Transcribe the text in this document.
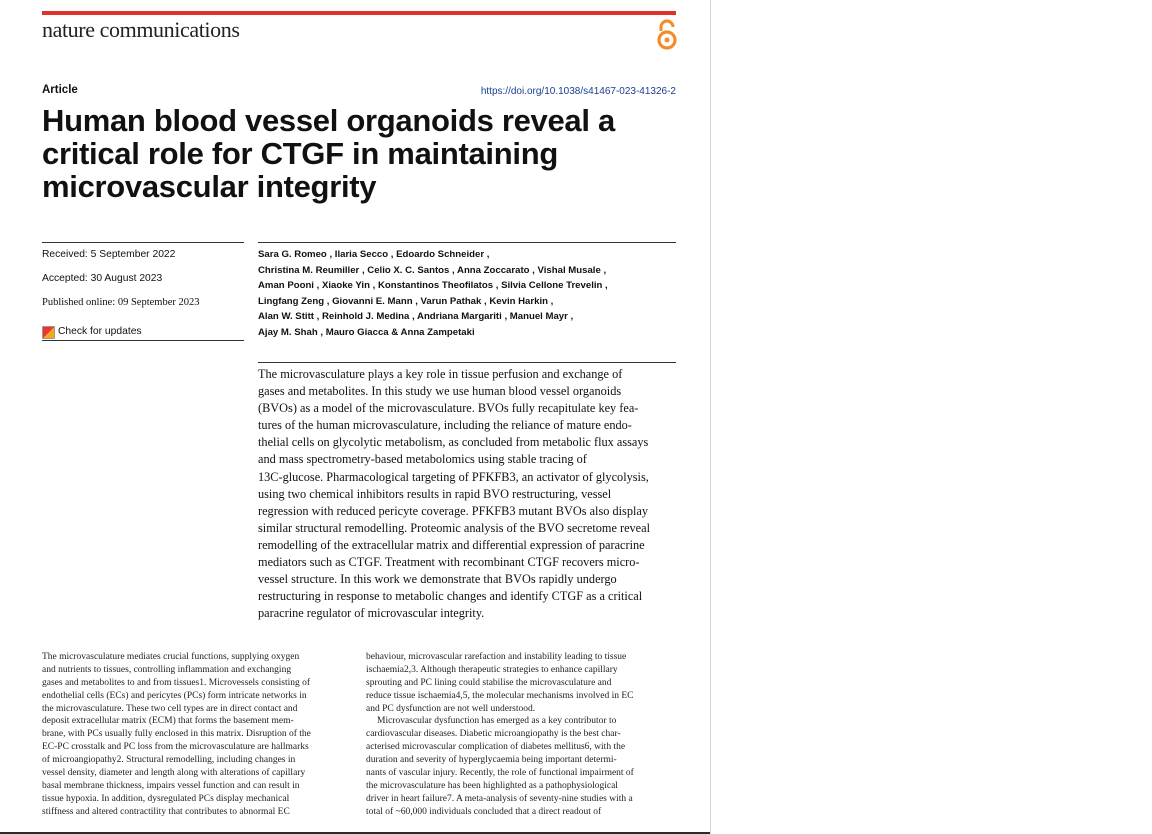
nature communications
Article	https://doi.org/10.1038/s41467-023-41326-2
Human blood vessel organoids reveal a
critical role for CTGF in maintaining
microvascular integrity
Received: 5 September 2022
Accepted: 30 August 2023
Published online: 09 September 2023
Check for updates
Sara G. Romeo , Ilaria Secco , Edoardo Schneider ,
Christina M. Reumiller , Celio X. C. Santos , Anna Zoccarato , Vishal Musale ,
Aman Pooni , Xiaoke Yin , Konstantinos Theofilatos , Silvia Cellone Trevelin ,
Lingfang Zeng , Giovanni E. Mann , Varun Pathak , Kevin Harkin ,
Alan W. Stitt , Reinhold J. Medina , Andriana Margariti , Manuel Mayr ,
Ajay M. Shah , Mauro Giacca & Anna Zampetaki
The microvasculature plays a key role in tissue perfusion and exchange of
gases and metabolites. In this study we use human blood vessel organoids
(BVOs) as a model of the microvasculature. BVOs fully recapitulate key fea-
tures of the human microvasculature, including the reliance of mature endo-
thelial cells on glycolytic metabolism, as concluded from metabolic flux assays
and mass spectrometry-based metabolomics using stable tracing of
13C-glucose. Pharmacological targeting of PFKFB3, an activator of glycolysis,
using two chemical inhibitors results in rapid BVO restructuring, vessel
regression with reduced pericyte coverage. PFKFB3 mutant BVOs also display
similar structural remodelling. Proteomic analysis of the BVO secretome reveal
remodelling of the extracellular matrix and differential expression of paracrine
mediators such as CTGF. Treatment with recombinant CTGF recovers micro-
vessel structure. In this work we demonstrate that BVOs rapidly undergo
restructuring in response to metabolic changes and identify CTGF as a critical
paracrine regulator of microvascular integrity.
The microvasculature mediates crucial functions, supplying oxygen
and nutrients to tissues, controlling inflammation and exchanging
gases and metabolites to and from tissues1. Microvessels consisting of
endothelial cells (ECs) and pericytes (PCs) form intricate networks in
the microvasculature. These two cell types are in direct contact and
deposit extracellular matrix (ECM) that forms the basement mem-
brane, with PCs usually fully enclosed in this matrix. Disruption of the
EC-PC crosstalk and PC loss from the microvasculature are hallmarks
of microangiopathy2. Structural remodelling, including changes in
vessel density, diameter and length along with alterations of capillary
basal membrane thickness, impairs vessel function and can result in
tissue hypoxia. In addition, dysregulated PCs display mechanical
stiffness and altered contractility that contributes to abnormal EC
behaviour, microvascular rarefaction and instability leading to tissue
ischaemia2,3. Although therapeutic strategies to enhance capillary
sprouting and PC lining could stabilise the microvasculature and
reduce tissue ischaemia4,5, the molecular mechanisms involved in EC
and PC dysfunction are not well understood.
Microvascular dysfunction has emerged as a key contributor to
cardiovascular diseases. Diabetic microangiopathy is the best char-
acterised microvascular complication of diabetes mellitus6, with the
duration and severity of hyperglycaemia being important determi-
nants of vascular injury. Recently, the role of functional impairment of
the microvasculature has been highlighted as a pathophysiological
driver in heart failure7. A meta-analysis of seventy-nine studies with a
total of ~60,000 individuals concluded that a direct readout of
